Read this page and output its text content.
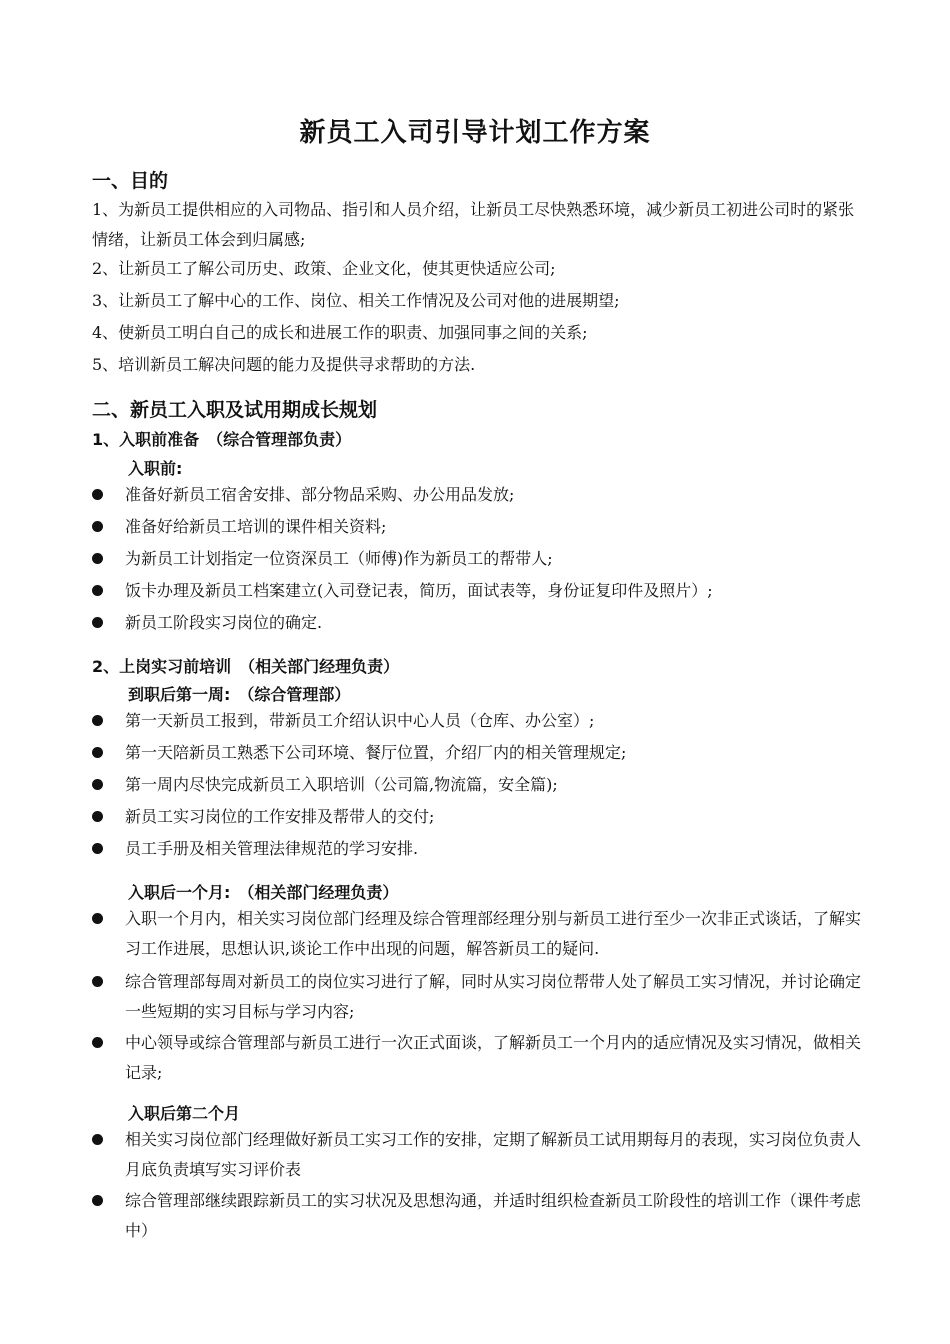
新员工入司引导计划工作方案
一、目的
1、为新员工提供相应的入司物品、指引和人员介绍，让新员工尽快熟悉环境，减少新员工初进公司时的紧张情绪，让新员工体会到归属感;
2、让新员工了解公司历史、政策、企业文化，使其更快适应公司;
3、让新员工了解中心的工作、岗位、相关工作情况及公司对他的进展期望;
4、使新员工明白自己的成长和进展工作的职责、加强同事之间的关系;
5、培训新员工解决问题的能力及提供寻求帮助的方法.
二、新员工入职及试用期成长规划
1、入职前准备　（综合管理部负责）
入职前:
准备好新员工宿舍安排、部分物品采购、办公用品发放;
准备好给新员工培训的课件相关资料;
为新员工计划指定一位资深员工（师傅)作为新员工的帮带人;
饭卡办理及新员工档案建立(入司登记表，简历，面试表等，身份证复印件及照片）;
新员工阶段实习岗位的确定.
2、上岗实习前培训　（相关部门经理负责）
到职后第一周:　（综合管理部）
第一天新员工报到，带新员工介绍认识中心人员（仓库、办公室）;
第一天陪新员工熟悉下公司环境、餐厅位置，介绍厂内的相关管理规定;
第一周内尽快完成新员工入职培训（公司篇,物流篇，安全篇);
新员工实习岗位的工作安排及帮带人的交付;
员工手册及相关管理法律规范的学习安排.
入职后一个月:　（相关部门经理负责）
入职一个月内，相关实习岗位部门经理及综合管理部经理分别与新员工进行至少一次非正式谈话，了解实习工作进展，思想认识,谈论工作中出现的问题，解答新员工的疑问.
综合管理部每周对新员工的岗位实习进行了解，同时从实习岗位帮带人处了解员工实习情况，并讨论确定一些短期的实习目标与学习内容;
中心领导或综合管理部与新员工进行一次正式面谈，了解新员工一个月内的适应情况及实习情况，做相关记录;
入职后第二个月
相关实习岗位部门经理做好新员工实习工作的安排，定期了解新员工试用期每月的表现，实习岗位负责人月底负责填写实习评价表
综合管理部继续跟踪新员工的实习状况及思想沟通，并适时组织检查新员工阶段性的培训工作（课件考虑中）
